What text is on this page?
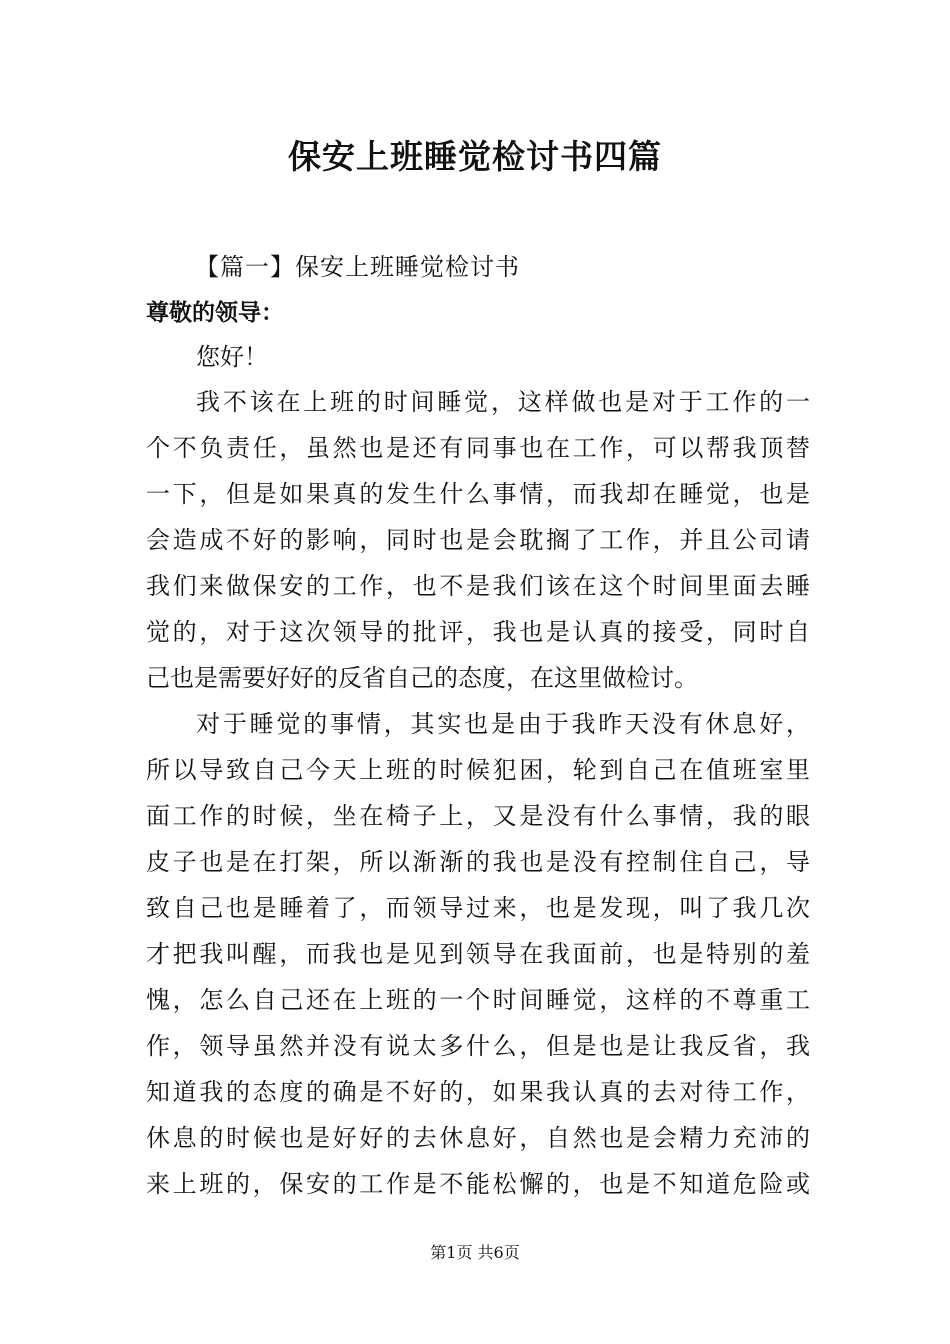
保安上班睡觉检讨书四篇
【篇一】保安上班睡觉检讨书
尊敬的领导：
您好！
我不该在上班的时间睡觉，这样做也是对于工作的一
个不负责任，虽然也是还有同事也在工作，可以帮我顶替
一下，但是如果真的发生什么事情，而我却在睡觉，也是
会造成不好的影响，同时也是会耽搁了工作，并且公司请
我们来做保安的工作，也不是我们该在这个时间里面去睡
觉的，对于这次领导的批评，我也是认真的接受，同时自
己也是需要好好的反省自己的态度，在这里做检讨。
对于睡觉的事情，其实也是由于我昨天没有休息好，
所以导致自己今天上班的时候犯困，轮到自己在值班室里
面工作的时候，坐在椅子上，又是没有什么事情，我的眼
皮子也是在打架，所以渐渐的我也是没有控制住自己，导
致自己也是睡着了，而领导过来，也是发现，叫了我几次
才把我叫醒，而我也是见到领导在我面前，也是特别的羞
愧，怎么自己还在上班的一个时间睡觉，这样的不尊重工
作，领导虽然并没有说太多什么，但是也是让我反省，我
知道我的态度的确是不好的，如果我认真的去对待工作，
休息的时候也是好好的去休息好，自然也是会精力充沛的
来上班的，保安的工作是不能松懈的，也是不知道危险或
第1页 共6页
